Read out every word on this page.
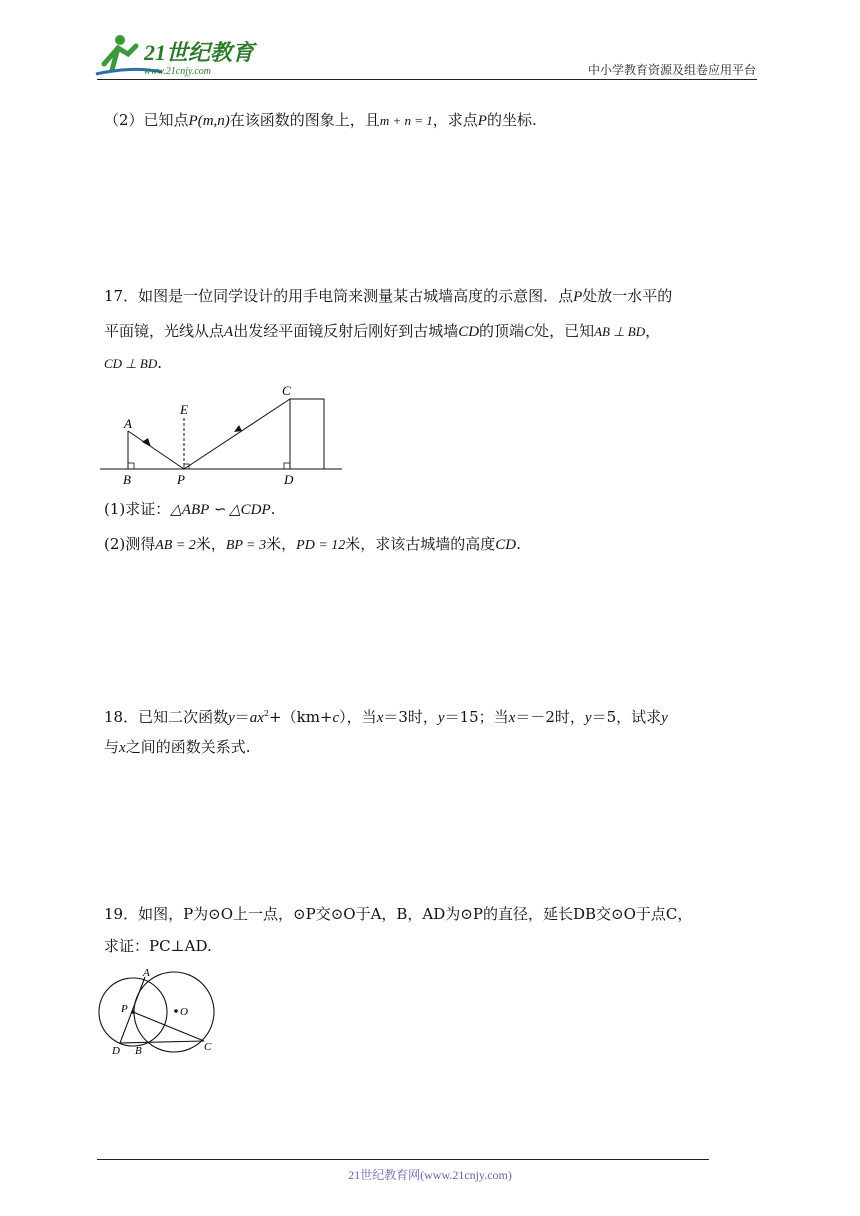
21世纪教育
www.21cnjy.com	中小学教育资源及组卷应用平台
（2）已知点P(m,n)在该函数的图象上，且m + n = 1，求点P的坐标.
17．如图是一位同学设计的用手电筒来测量某古城墙高度的示意图．点P处放一水平的
平面镜，光线从点A出发经平面镜反射后刚好到古城墙CD的顶端C处，已知AB ⊥ BD，
CD ⊥ BD.
A
B	P
E
C
D
(1)求证：△ABP ∽ △CDP.
(2)测得AB = 2米，BP = 3米，PD = 12米，求该古城墙的高度CD.
18．已知二次函数$y=ax^2+(km+c)$，当x＝3时，y＝15；当x＝－2时，y＝5，试求y
与x之间的函数关系式.
19．如图，P为⊙O上一点，⊙P交⊙O于A，B，AD为⊙P的直径，延长DB交⊙O于点C，
求证：PC⊥AD.
A
P	O
D B	C
21世纪教育网(www.21cnjy.com)
